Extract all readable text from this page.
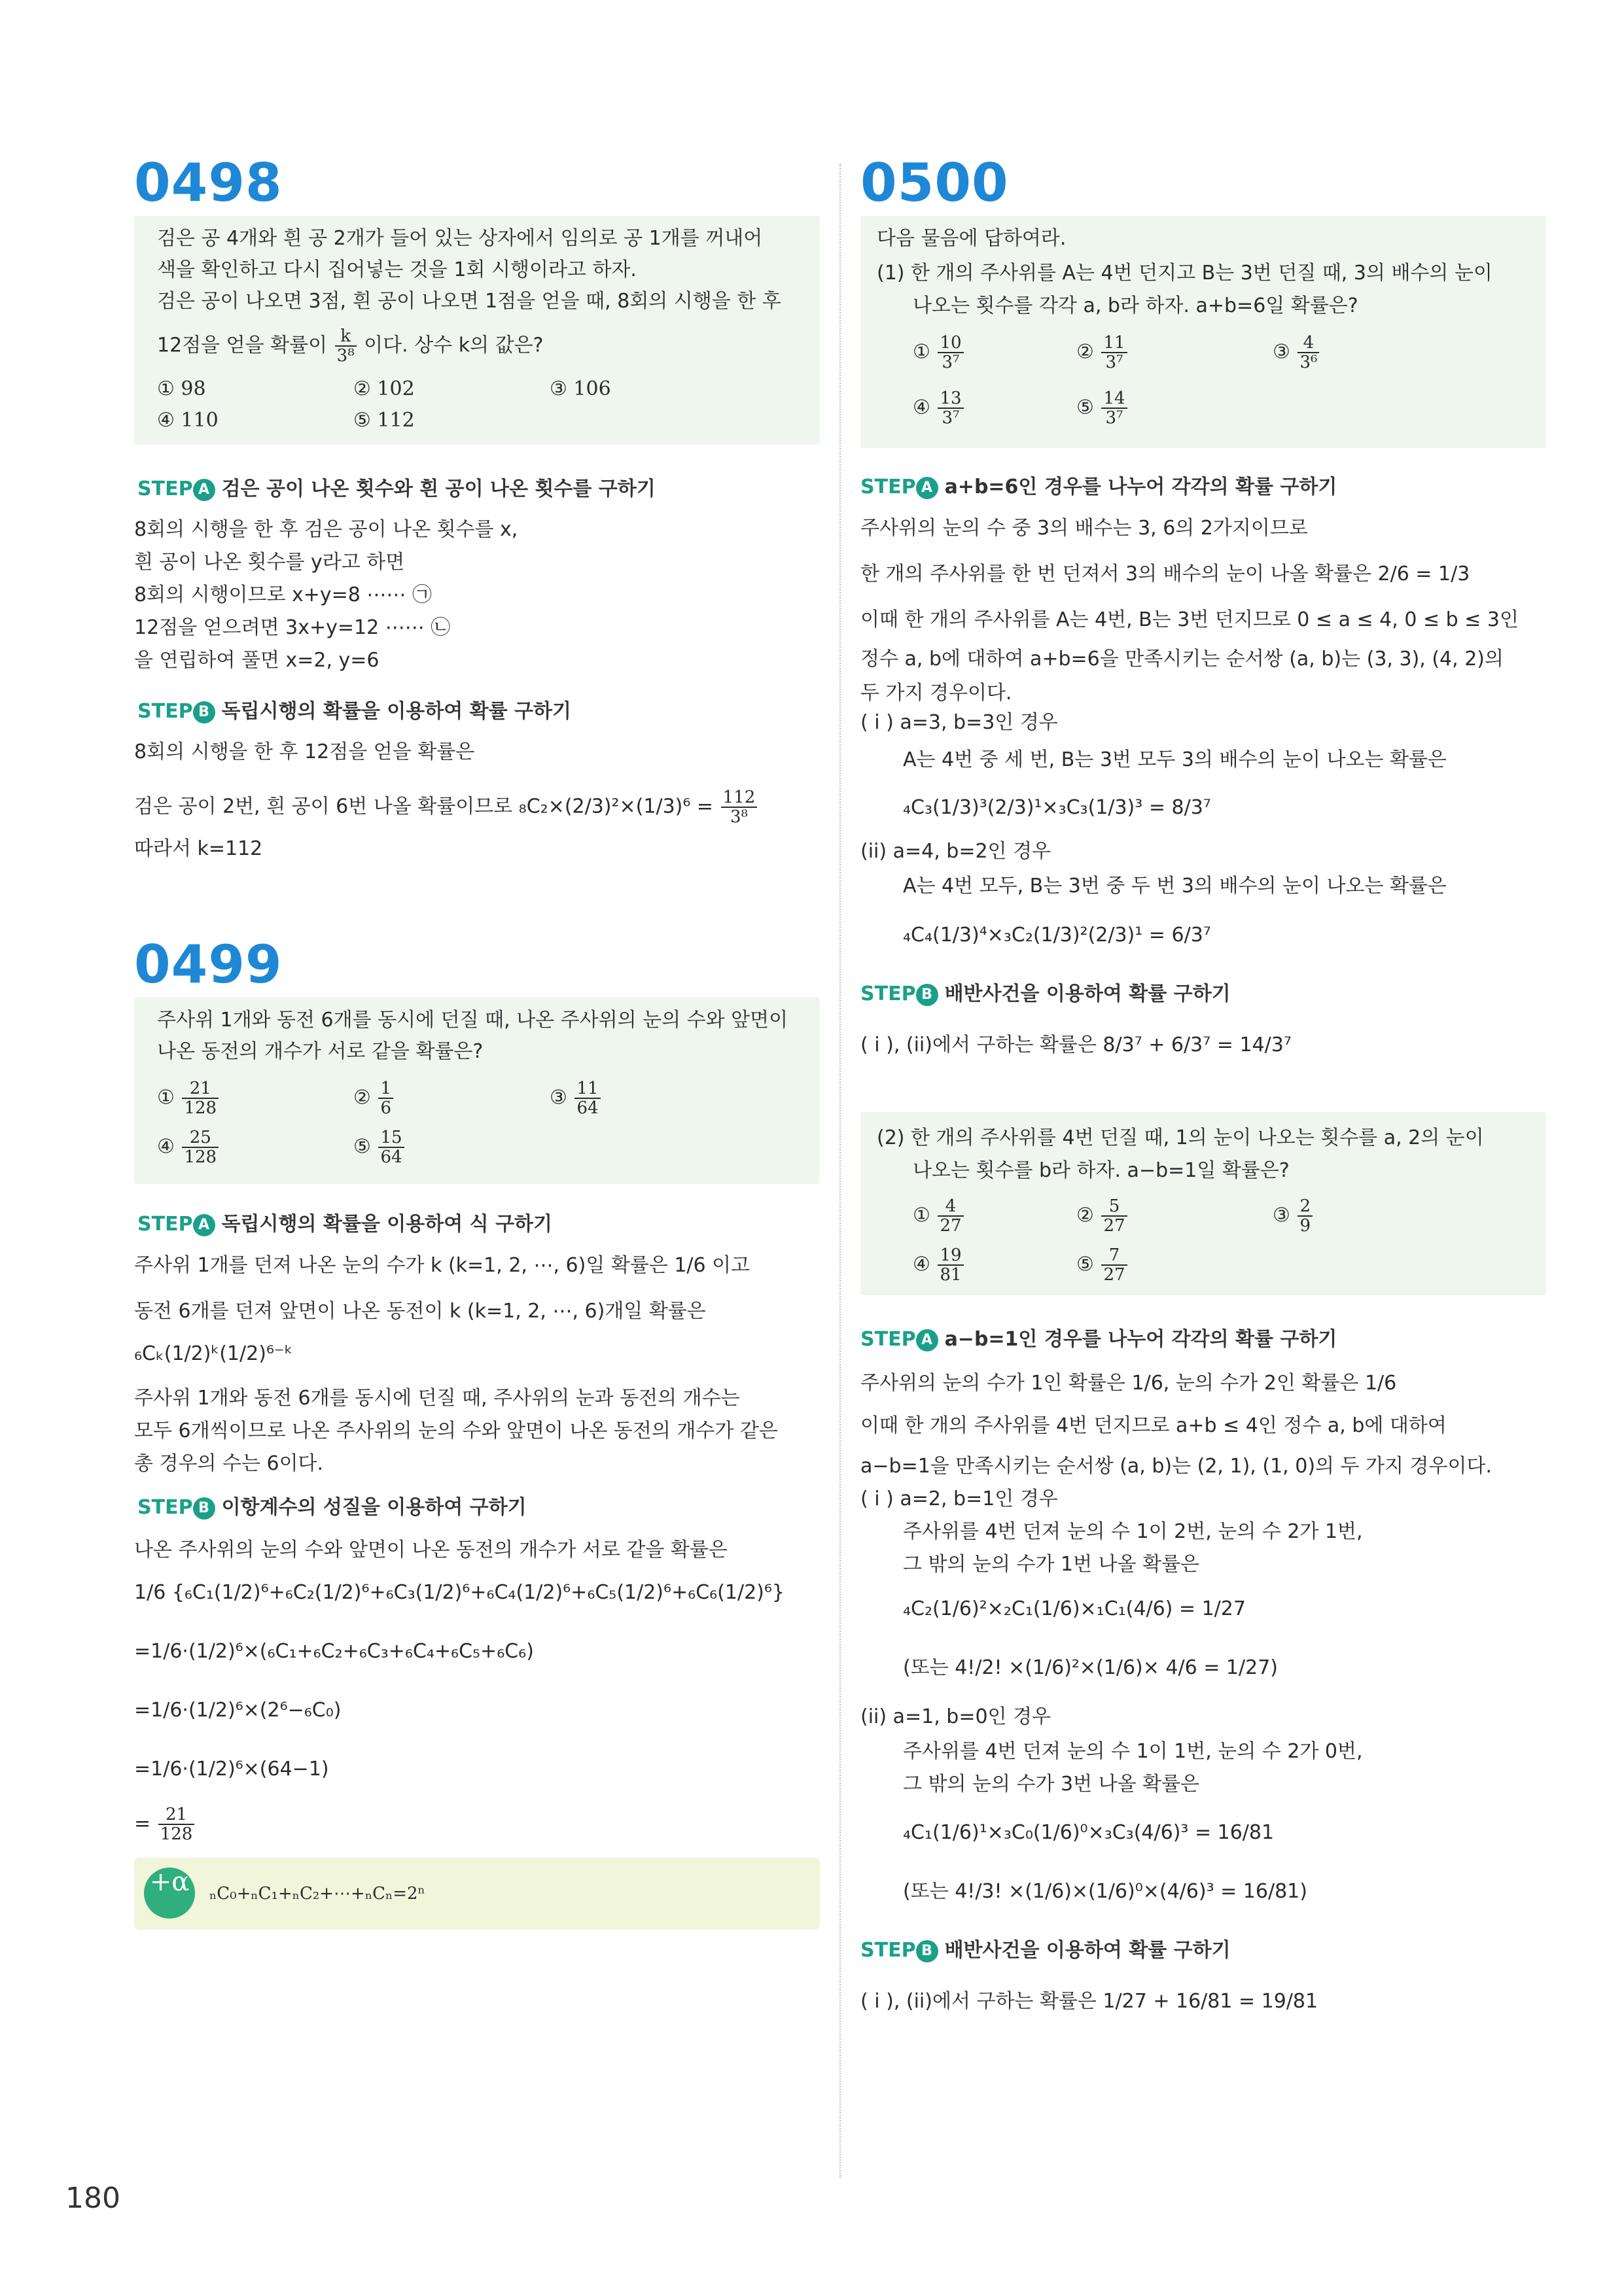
0498
검은 공 4개와 흰 공 2개가 들어 있는 상자에서 임의로 공 1개를 꺼내어
색을 확인하고 다시 집어넣는 것을 1회 시행이라고 하자.
검은 공이 나오면 3점, 흰 공이 나오면 1점을 얻을 때, 8회의 시행을 한 후
12점을 얻을 확률이 $\frac{k}{\text{3⁸}}$ 이다. 상수 k의 값은?
① 98	② 102	③ 106
④ 110	⑤ 112
STEP A 검은 공이 나온 횟수와 흰 공이 나온 횟수를 구하기
8회의 시행을 한 후 검은 공이 나온 횟수를 x,
흰 공이 나온 횟수를 y라고 하면
8회의 시행이므로 x+y=8 ⋯⋯ ㉠
12점을 얻으려면 3x+y=12 ⋯⋯ ㉡
을 연립하여 풀면 x=2, y=6
STEP B 독립시행의 확률을 이용하여 확률 구하기
8회의 시행을 한 후 12점을 얻을 확률은
검은 공이 2번, 흰 공이 6번 나올 확률이므로 $_8C_2\times(2/3)^2\times(1/3)^6 = \frac{112}{\text{3⁸}}$
따라서 k=112
0499
주사위 1개와 동전 6개를 동시에 던질 때, 나온 주사위의 눈의 수와 앞면이
나온 동전의 개수가 서로 같을 확률은?
① $\frac{21}{128}$	② $\frac{1}{6}$	③ $\frac{11}{64}$
④ $\frac{25}{128}$	⑤ $\frac{15}{64}$
STEP A 독립시행의 확률을 이용하여 식 구하기
주사위 1개를 던져 나온 눈의 수가 k (k=1, 2, ⋯, 6)일 확률은 1/6 이고
동전 6개를 던져 앞면이 나온 동전이 k (k=1, 2, ⋯, 6)개일 확률은
₆Cₖ(1/2)ᵏ(1/2)⁶⁻ᵏ
주사위 1개와 동전 6개를 동시에 던질 때, 주사위의 눈과 동전의 개수는
모두 6개씩이므로 나온 주사위의 눈의 수와 앞면이 나온 동전의 개수가 같은
총 경우의 수는 6이다.
STEP B 이항계수의 성질을 이용하여 구하기
나온 주사위의 눈의 수와 앞면이 나온 동전의 개수가 서로 같을 확률은
1/6 {₆C₁(1/2)⁶+₆C₂(1/2)⁶+₆C₃(1/2)⁶+₆C₄(1/2)⁶+₆C₅(1/2)⁶+₆C₆(1/2)⁶}
=1/6·(1/2)⁶×(₆C₁+₆C₂+₆C₃+₆C₄+₆C₅+₆C₆)
=1/6·(1/2)⁶×(2⁶−₆C₀)
=1/6·(1/2)⁶×(64−1)
= $\frac{21}{128}$
+α	ₙC₀+ₙC₁+ₙC₂+⋯+ₙCₙ=2ⁿ
0500
다음 물음에 답하여라.
(1) 한 개의 주사위를 A는 4번 던지고 B는 3번 던질 때, 3의 배수의 눈이
나오는 횟수를 각각 a, b라 하자. a+b=6일 확률은?
① $\frac{10}{\text{3⁷}}$	② $\frac{11}{\text{3⁷}}$	③ $\frac{4}{\text{3⁶}}$
④ $\frac{13}{\text{3⁷}}$	⑤ $\frac{14}{\text{3⁷}}$
STEP A a+b=6인 경우를 나누어 각각의 확률 구하기
주사위의 눈의 수 중 3의 배수는 3, 6의 2가지이므로
한 개의 주사위를 한 번 던져서 3의 배수의 눈이 나올 확률은 2/6 = 1/3
이때 한 개의 주사위를 A는 4번, B는 3번 던지므로 0 ≤ a ≤ 4, 0 ≤ b ≤ 3인
정수 a, b에 대하여 a+b=6을 만족시키는 순서쌍 (a, b)는 (3, 3), (4, 2)의
두 가지 경우이다.
( i ) a=3, b=3인 경우
A는 4번 중 세 번, B는 3번 모두 3의 배수의 눈이 나오는 확률은
₄C₃(1/3)³(2/3)¹×₃C₃(1/3)³ = 8/3⁷
(ii) a=4, b=2인 경우
A는 4번 모두, B는 3번 중 두 번 3의 배수의 눈이 나오는 확률은
₄C₄(1/3)⁴×₃C₂(1/3)²(2/3)¹ = 6/3⁷
STEP B 배반사건을 이용하여 확률 구하기
( i ), (ii)에서 구하는 확률은 8/3⁷ + 6/3⁷ = 14/3⁷
(2) 한 개의 주사위를 4번 던질 때, 1의 눈이 나오는 횟수를 a, 2의 눈이
나오는 횟수를 b라 하자. a−b=1일 확률은?
① $\frac{4}{27}$	② $\frac{5}{27}$	③ $\frac{2}{9}$
④ $\frac{19}{81}$	⑤ $\frac{7}{27}$
STEP A a−b=1인 경우를 나누어 각각의 확률 구하기
주사위의 눈의 수가 1인 확률은 1/6, 눈의 수가 2인 확률은 1/6
이때 한 개의 주사위를 4번 던지므로 a+b ≤ 4인 정수 a, b에 대하여
a−b=1을 만족시키는 순서쌍 (a, b)는 (2, 1), (1, 0)의 두 가지 경우이다.
( i ) a=2, b=1인 경우
주사위를 4번 던져 눈의 수 1이 2번, 눈의 수 2가 1번,
그 밖의 눈의 수가 1번 나올 확률은
₄C₂(1/6)²×₂C₁(1/6)×₁C₁(4/6) = 1/27
(또는 4!/2! ×(1/6)²×(1/6)× 4/6 = 1/27)
(ii) a=1, b=0인 경우
주사위를 4번 던져 눈의 수 1이 1번, 눈의 수 2가 0번,
그 밖의 눈의 수가 3번 나올 확률은
₄C₁(1/6)¹×₃C₀(1/6)⁰×₃C₃(4/6)³ = 16/81
(또는 4!/3! ×(1/6)×(1/6)⁰×(4/6)³ = 16/81)
STEP B 배반사건을 이용하여 확률 구하기
( i ), (ii)에서 구하는 확률은 1/27 + 16/81 = 19/81
180
